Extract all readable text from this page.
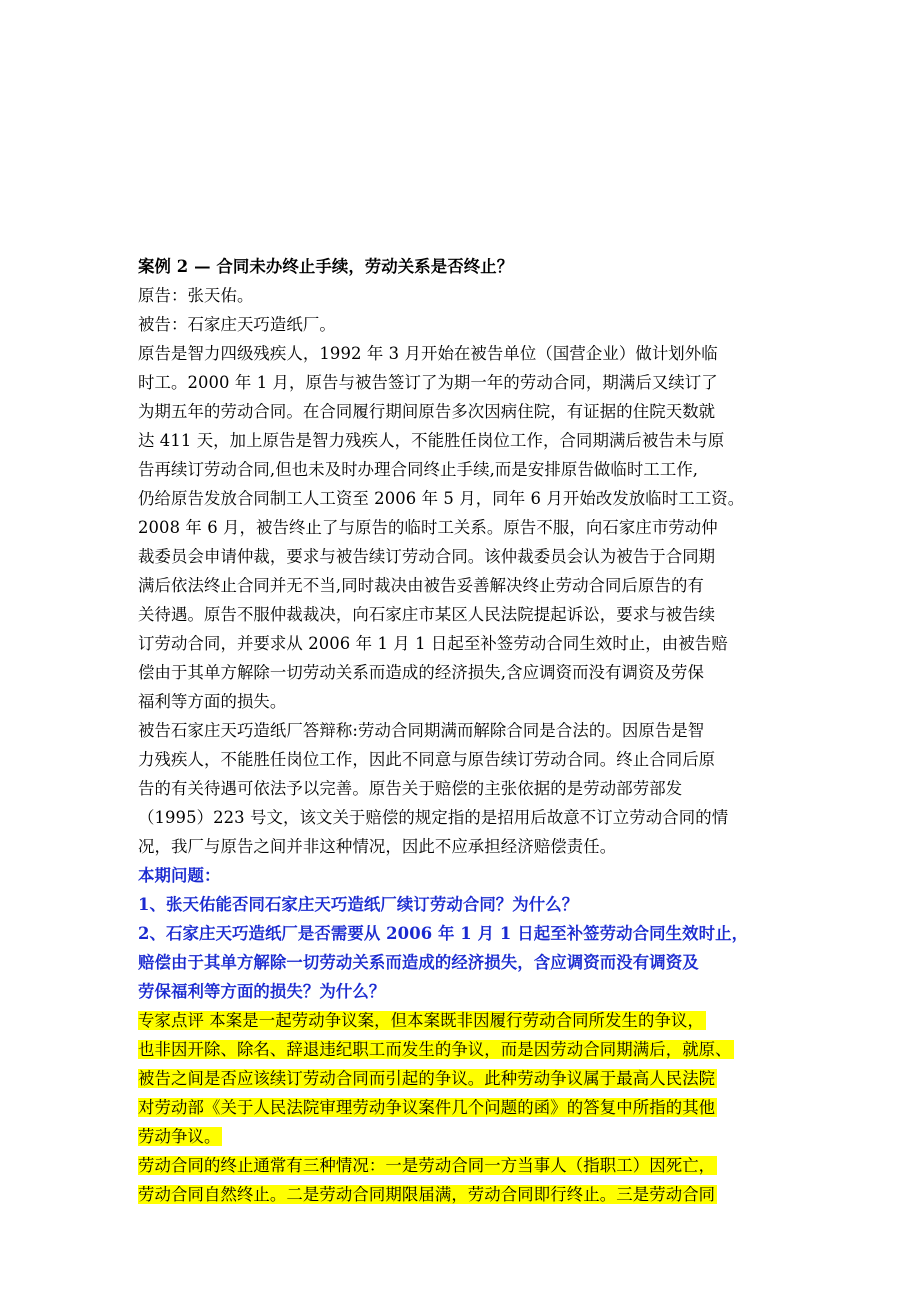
案例 2 — 合同未办终止手续，劳动关系是否终止？
原告：张天佑。
被告：石家庄天巧造纸厂。
原告是智力四级残疾人，1992 年 3 月开始在被告单位（国营企业）做计划外临
时工。2000 年 1 月，原告与被告签订了为期一年的劳动合同，期满后又续订了
为期五年的劳动合同。在合同履行期间原告多次因病住院，有证据的住院天数就
达 411 天，加上原告是智力残疾人，不能胜任岗位工作，合同期满后被告未与原
告再续订劳动合同,但也未及时办理合同终止手续,而是安排原告做临时工工作,
仍给原告发放合同制工人工资至 2006 年 5 月，同年 6 月开始改发放临时工工资。
2008 年 6 月，被告终止了与原告的临时工关系。原告不服，向石家庄市劳动仲
裁委员会申请仲裁，要求与被告续订劳动合同。该仲裁委员会认为被告于合同期
满后依法终止合同并无不当,同时裁决由被告妥善解决终止劳动合同后原告的有
关待遇。原告不服仲裁裁决，向石家庄市某区人民法院提起诉讼，要求与被告续
订劳动合同，并要求从 2006 年 1 月 1 日起至补签劳动合同生效时止，由被告赔
偿由于其单方解除一切劳动关系而造成的经济损失,含应调资而没有调资及劳保
福利等方面的损失。
被告石家庄天巧造纸厂答辩称:劳动合同期满而解除合同是合法的。因原告是智
力残疾人，不能胜任岗位工作，因此不同意与原告续订劳动合同。终止合同后原
告的有关待遇可依法予以完善。原告关于赔偿的主张依据的是劳动部劳部发
（1995）223 号文，该文关于赔偿的规定指的是招用后故意不订立劳动合同的情
况，我厂与原告之间并非这种情况，因此不应承担经济赔偿责任。
本期问题：
1、张天佑能否同石家庄天巧造纸厂续订劳动合同？为什么？
2、石家庄天巧造纸厂是否需要从 2006 年 1 月 1 日起至补签劳动合同生效时止，
赔偿由于其单方解除一切劳动关系而造成的经济损失，含应调资而没有调资及
劳保福利等方面的损失？为什么？
专家点评 本案是一起劳动争议案，但本案既非因履行劳动合同所发生的争议，
也非因开除、除名、辞退违纪职工而发生的争议，而是因劳动合同期满后，就原、
被告之间是否应该续订劳动合同而引起的争议。此种劳动争议属于最高人民法院
对劳动部《关于人民法院审理劳动争议案件几个问题的函》的答复中所指的其他
劳动争议。
劳动合同的终止通常有三种情况：一是劳动合同一方当事人（指职工）因死亡，
劳动合同自然终止。二是劳动合同期限届满，劳动合同即行终止。三是劳动合同
